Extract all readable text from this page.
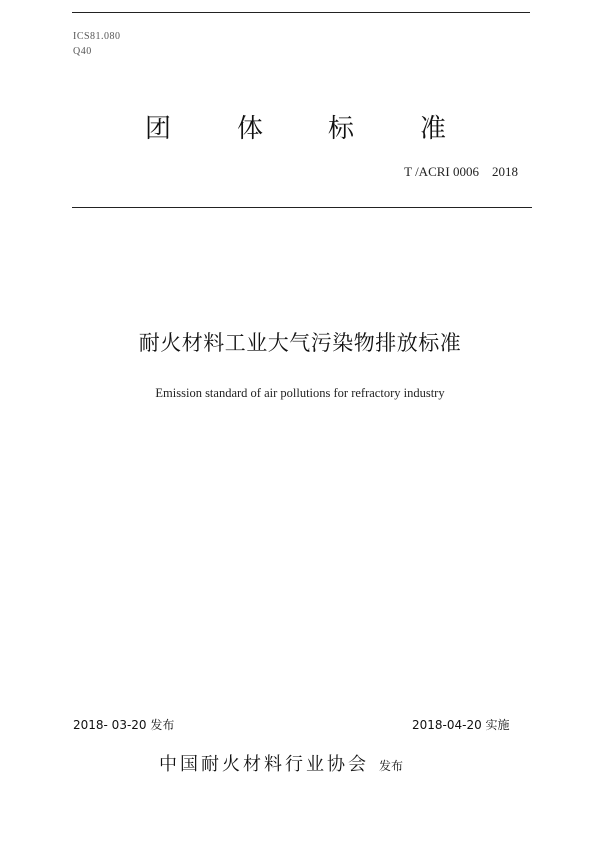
ICS81.080
Q40
团	体 标	准
T /ACRI 0006    2018
耐火材料工业大气污染物排放标准
Emission standard of air pollutions for refractory industry
2018- 03-20 发布	2018-04-20 实施
中国耐火材料行业协会 发布
